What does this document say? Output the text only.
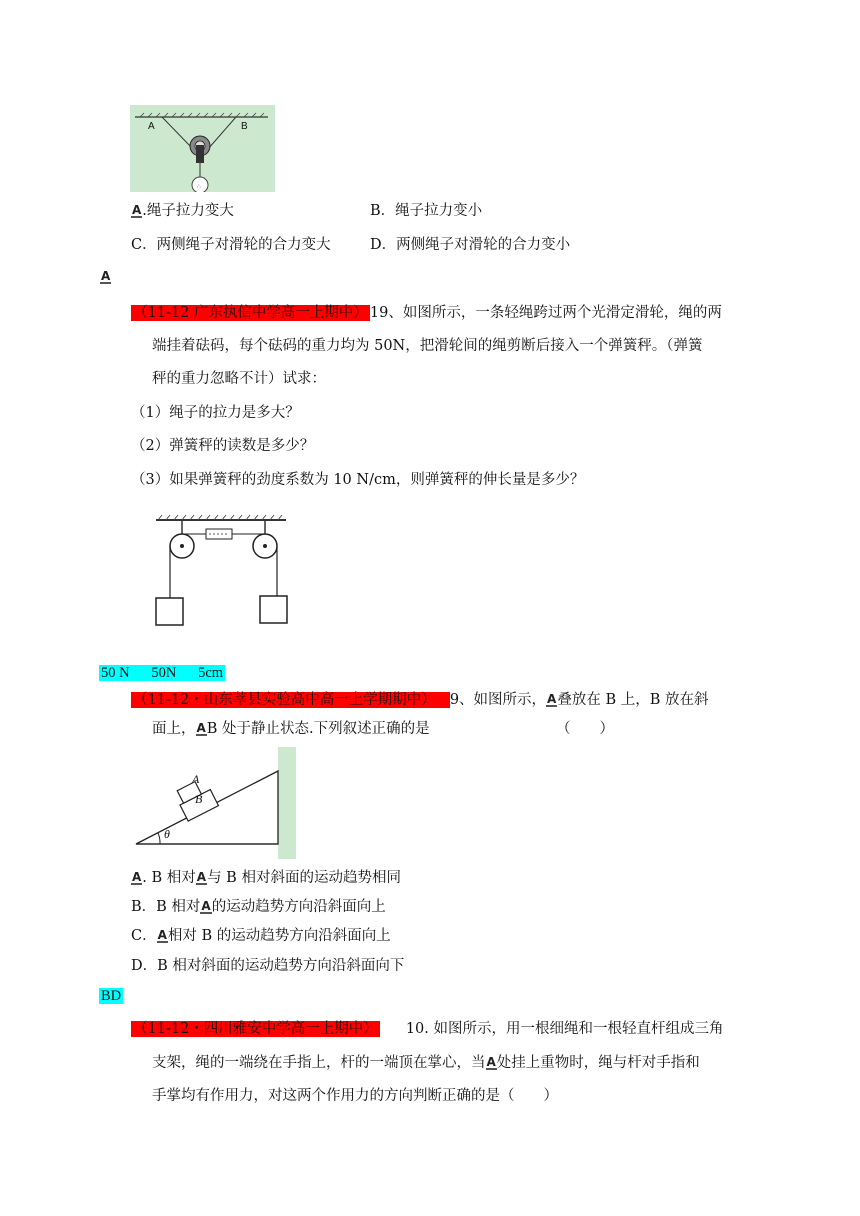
∴
A	B
A.绳子拉力变大	B．绳子拉力变小
C．两侧绳子对滑轮的合力变大	D．两侧绳子对滑轮的合力变小
A
（11-12 广东执信中学高一上期中） 19、如图所示，一条轻绳跨过两个光滑定滑轮，绳的两
端挂着砝码，每个砝码的重力均为 50N，把滑轮间的绳剪断后接入一个弹簧秤。（弹簧
秤的重力忽略不计）试求：
（1）绳子的拉力是多大？
（2）弹簧秤的读数是多少？
（3）如果弹簧秤的劲度系数为 10 N/cm，则弹簧秤的伸长量是多少？
50 N      50N      5cm
（11-12・山东莘县实验高中高一上学期期中） 9、如图所示，A叠放在 B 上，B 放在斜
面上，AB 处于静止状态.下列叙述正确的是	（　　）
A
B
θ
A. B 相对A与 B 相对斜面的运动趋势相同
B．B 相对A的运动趋势方向沿斜面向上
C．A相对 B 的运动趋势方向沿斜面向上
D．B 相对斜面的运动趋势方向沿斜面向下
BD
（11-12・四川雅安中学高一上期中） 10. 如图所示，用一根细绳和一根轻直杆组成三角
支架，绳的一端绕在手指上，杆的一端顶在掌心，当A处挂上重物时，绳与杆对手指和
手掌均有作用力，对这两个作用力的方向判断正确的是（　　）
